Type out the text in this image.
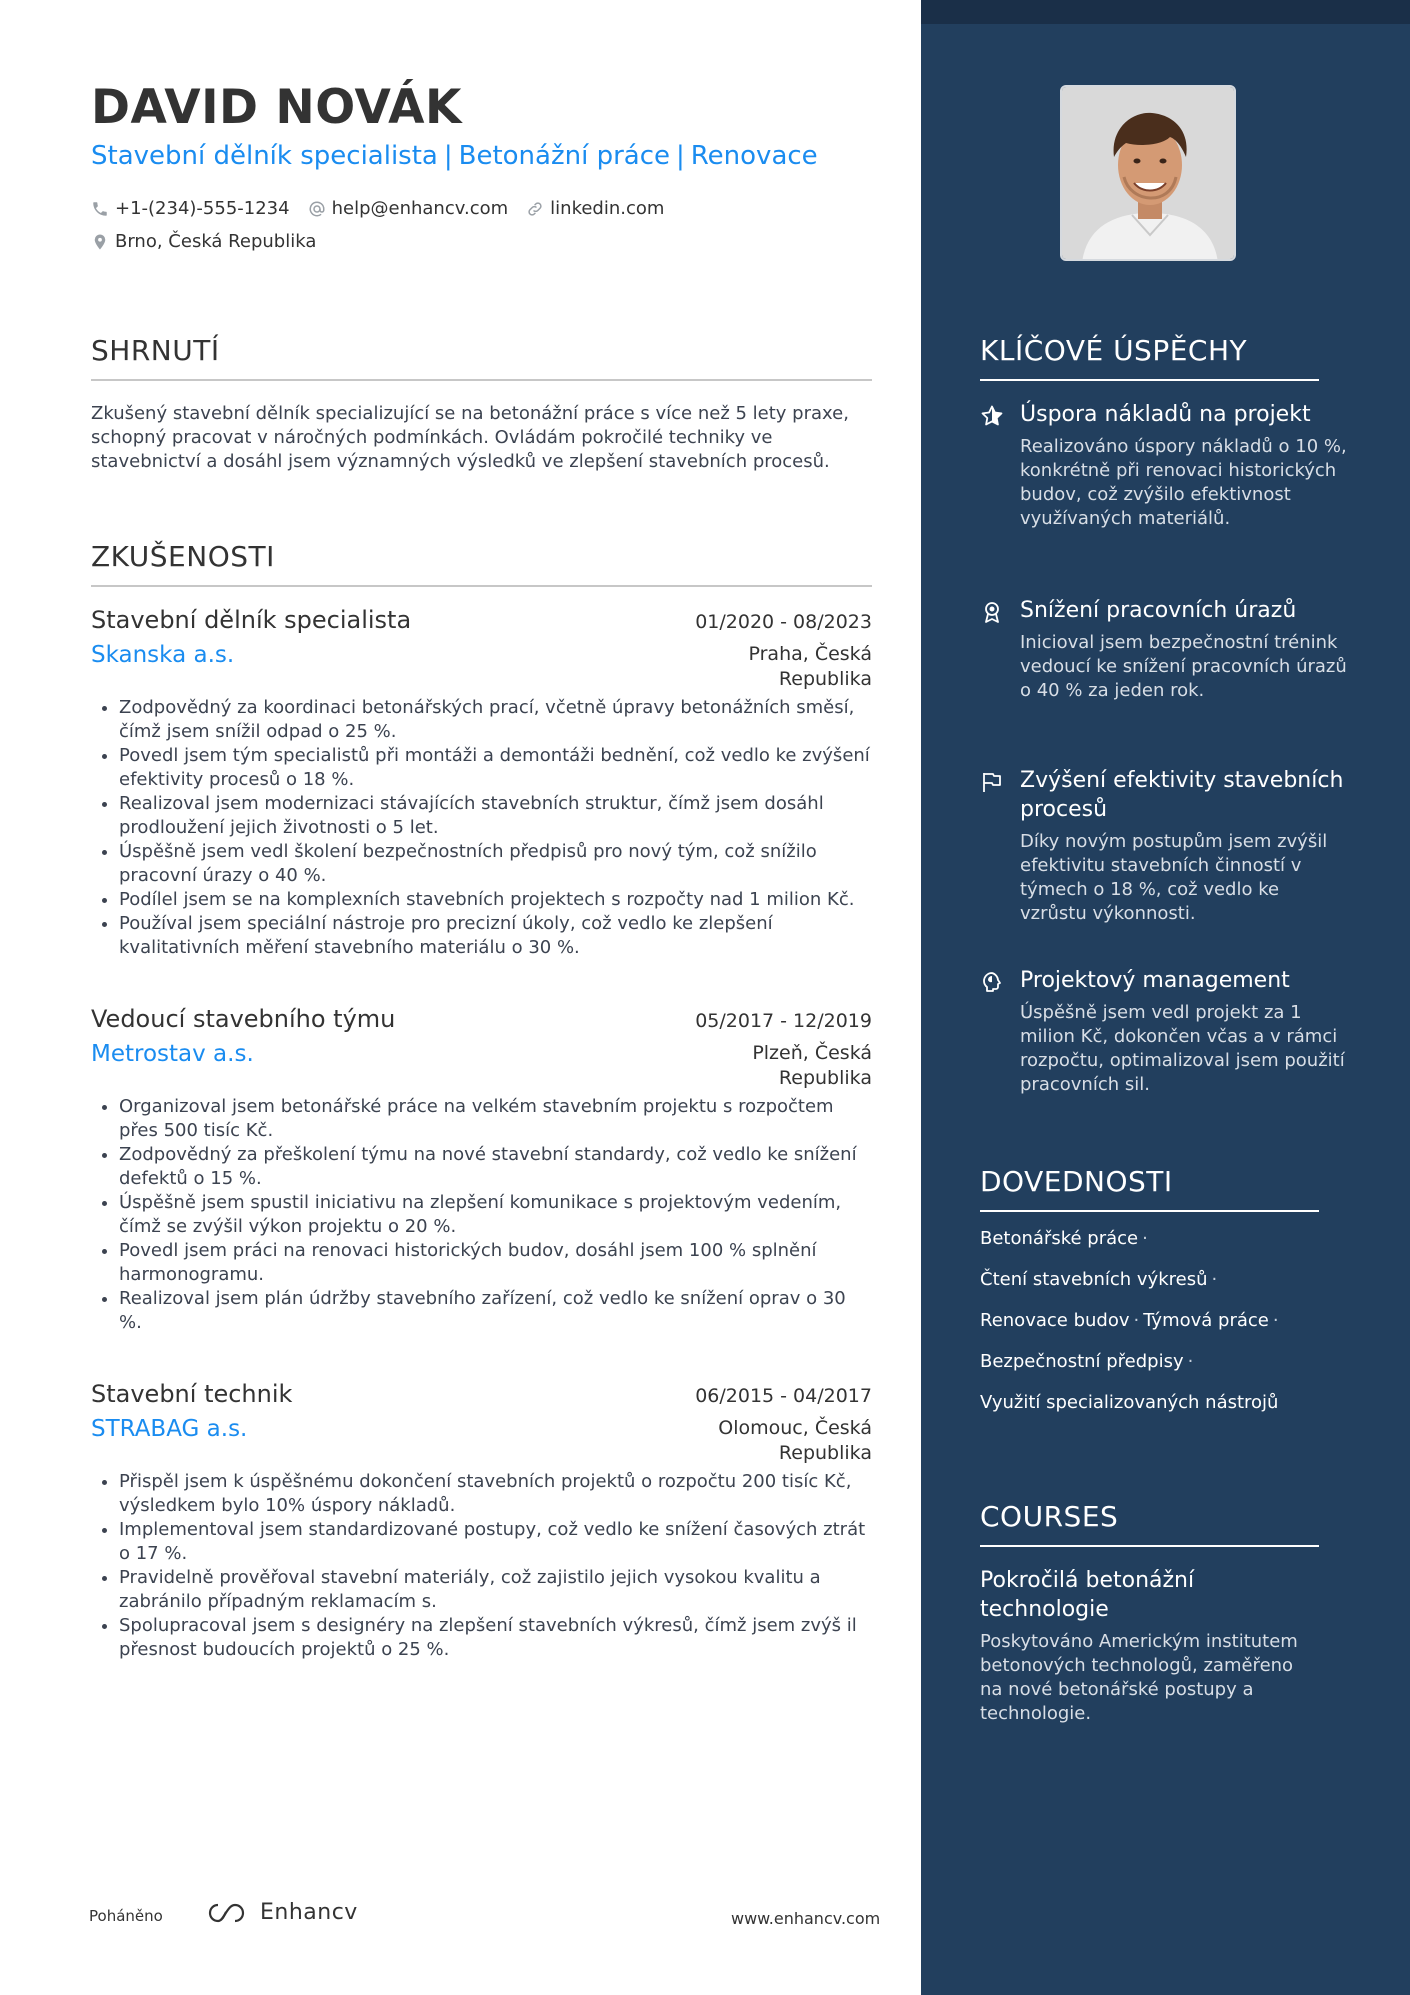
DAVID NOVÁK
Stavební dělník specialista | Betonážní práce | Renovace
+1-(234)-555-1234 help@enhancv.com linkedin.com
Brno, Česká Republika
SHRNUTÍ
Zkušený stavební dělník specializující se na betonážní práce s více než 5 lety praxe, schopný pracovat v náročných podmínkách. Ovládám pokročilé techniky ve stavebnictví a dosáhl jsem významných výsledků ve zlepšení stavebních procesů.
ZKUŠENOSTI
Stavební dělník specialista	01/2020 - 08/2023
Skanska a.s.	Praha, Česká Republika
• Zodpovědný za koordinaci betonářských prací, včetně úpravy betonážních směsí, čímž jsem snížil odpad o 25 %.
• Povedl jsem tým specialistů při montáži a demontáži bednění, což vedlo ke zvýšení efektivity procesů o 18 %.
• Realizoval jsem modernizaci stávajících stavebních struktur, čímž jsem dosáhl prodloužení jejich životnosti o 5 let.
• Úspěšně jsem vedl školení bezpečnostních předpisů pro nový tým, což snížilo pracovní úrazy o 40 %.
• Podílel jsem se na komplexních stavebních projektech s rozpočty nad 1 milion Kč.
• Používal jsem speciální nástroje pro precizní úkoly, což vedlo ke zlepšení kvalitativních měření stavebního materiálu o 30 %.
Vedoucí stavebního týmu	05/2017 - 12/2019
Metrostav a.s.	Plzeň, Česká Republika
• Organizoval jsem betonářské práce na velkém stavebním projektu s rozpočtem přes 500 tisíc Kč.
• Zodpovědný za přeškolení týmu na nové stavební standardy, což vedlo ke snížení defektů o 15 %.
• Úspěšně jsem spustil iniciativu na zlepšení komunikace s projektovým vedením, čímž se zvýšil výkon projektu o 20 %.
• Povedl jsem práci na renovaci historických budov, dosáhl jsem 100 % splnění harmonogramu.
• Realizoval jsem plán údržby stavebního zařízení, což vedlo ke snížení oprav o 30 %.
Stavební technik	06/2015 - 04/2017
STRABAG a.s.	Olomouc, Česká Republika
• Přispěl jsem k úspěšnému dokončení stavebních projektů o rozpočtu 200 tisíc Kč, výsledkem bylo 10% úspory nákladů.
• Implementoval jsem standardizované postupy, což vedlo ke snížení časových ztrát o 17 %.
• Pravidelně prověřoval stavební materiály, což zajistilo jejich vysokou kvalitu a zabránilo případným reklamacím s.
• Spolupracoval jsem s designéry na zlepšení stavebních výkresů, čímž jsem zvýš il přesnost budoucích projektů o 25 %.
Poháněno	Enhancv	www.enhancv.com
KLÍČOVÉ ÚSPĚCHY
Úspora nákladů na projekt
Realizováno úspory nákladů o 10 %, konkrétně při renovaci historických budov, což zvýšilo efektivnost využívaných materiálů.
Snížení pracovních úrazů
Inicioval jsem bezpečnostní trénink vedoucí ke snížení pracovních úrazů o 40 % za jeden rok.
Zvýšení efektivity stavebních procesů
Díky novým postupům jsem zvýšil efektivitu stavebních činností v týmech o 18 %, což vedlo ke vzrůstu výkonnosti.
Projektový management
Úspěšně jsem vedl projekt za 1 milion Kč, dokončen včas a v rámci rozpočtu, optimalizoval jsem použití pracovních sil.
DOVEDNOSTI
Betonářské práce ·
Čtení stavebních výkresů ·
Renovace budov · Týmová práce ·
Bezpečnostní předpisy ·
Využití specializovaných nástrojů
COURSES
Pokročilá betonážní technologie
Poskytováno Americkým institutem betonových technologů, zaměřeno na nové betonářské postupy a technologie.
